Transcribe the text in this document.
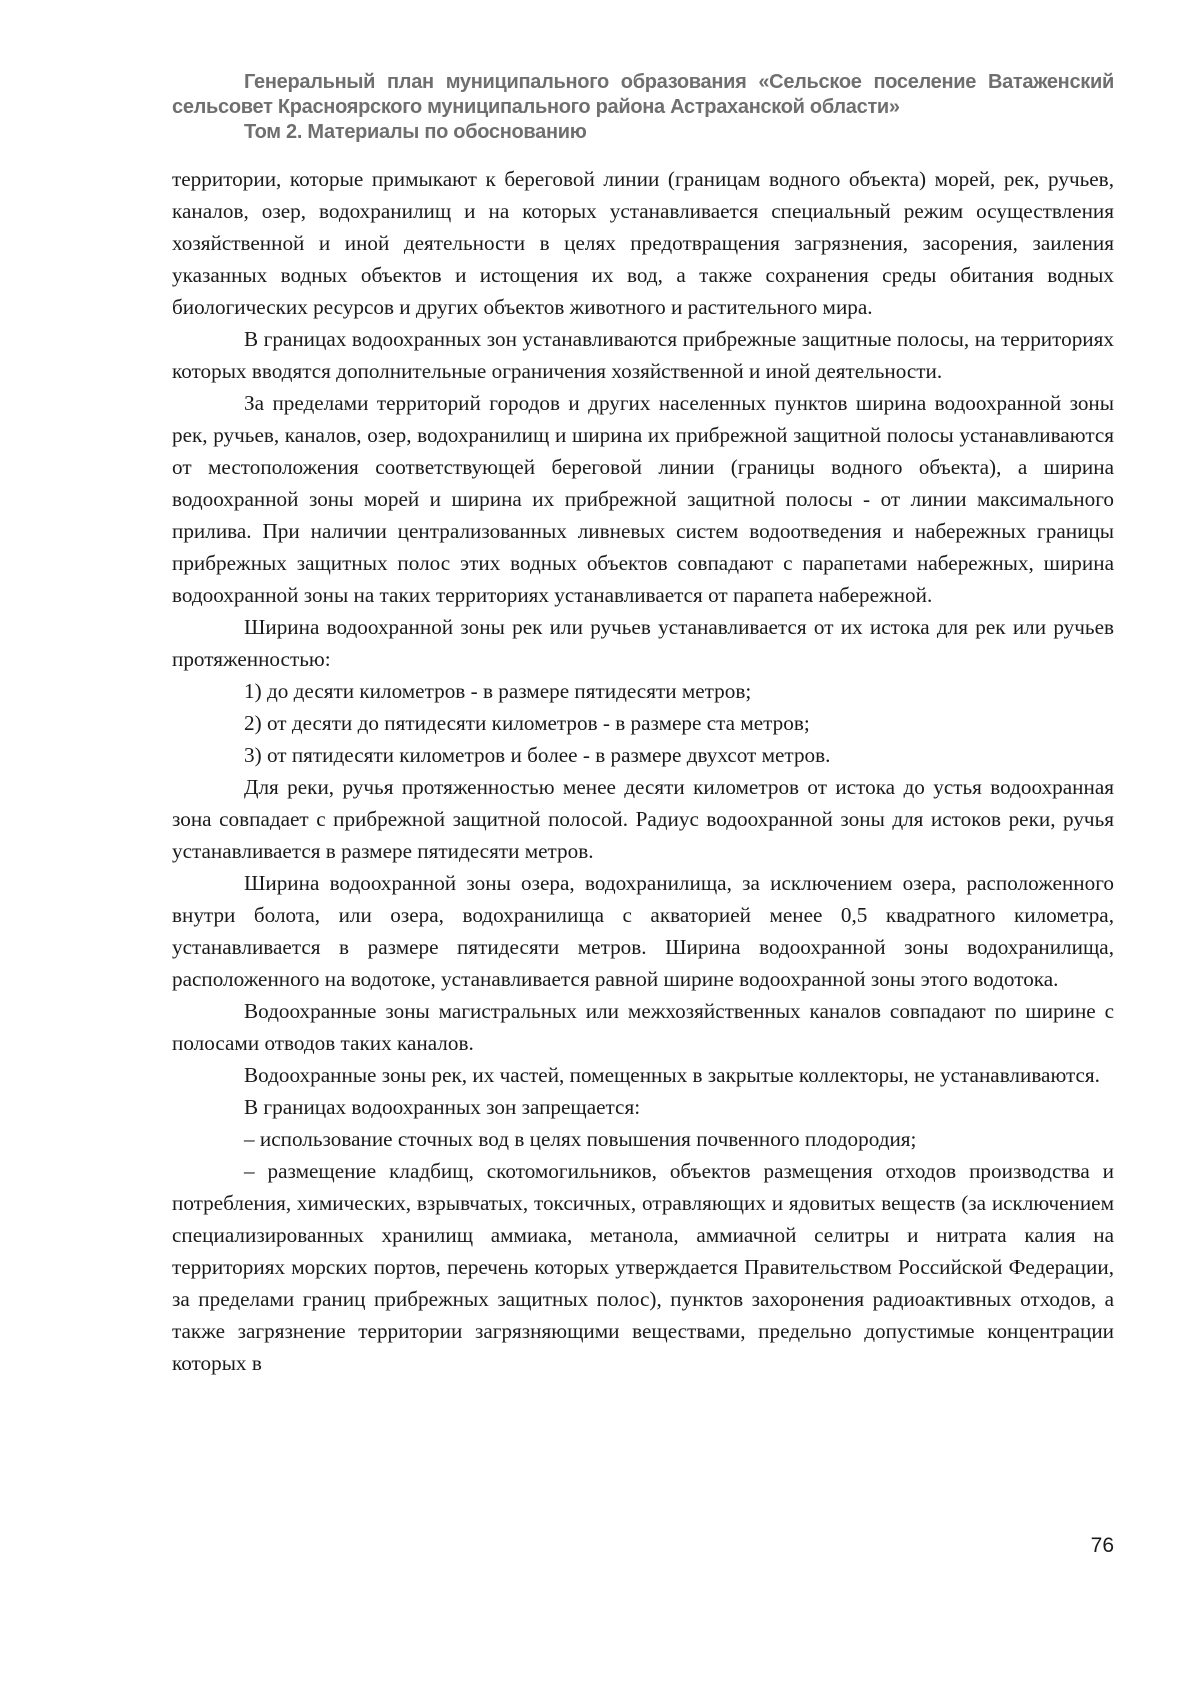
Генеральный план муниципального образования «Сельское поселение Ватаженский
сельсовет Красноярского муниципального района Астраханской области»
Том 2. Материалы по обоснованию

территории, которые примыкают к береговой линии (границам водного объекта) морей, рек, ручьев, каналов, озер, водохранилищ и на которых устанавливается специальный режим осуществления хозяйственной и иной деятельности в целях предотвращения загрязнения, засорения, заиления указанных водных объектов и истощения их вод, а также сохранения среды обитания водных биологических ресурсов и других объектов животного и растительного мира.

В границах водоохранных зон устанавливаются прибрежные защитные полосы, на территориях которых вводятся дополнительные ограничения хозяйственной и иной деятельности.

За пределами территорий городов и других населенных пунктов ширина водоохранной зоны рек, ручьев, каналов, озер, водохранилищ и ширина их прибрежной защитной полосы устанавливаются от местоположения соответствующей береговой линии (границы водного объекта), а ширина водоохранной зоны морей и ширина их прибрежной защитной полосы - от линии максимального прилива. При наличии централизованных ливневых систем водоотведения и набережных границы прибрежных защитных полос этих водных объектов совпадают с парапетами набережных, ширина водоохранной зоны на таких территориях устанавливается от парапета набережной.

Ширина водоохранной зоны рек или ручьев устанавливается от их истока для рек или ручьев протяженностью:

1) до десяти километров - в размере пятидесяти метров;

2) от десяти до пятидесяти километров - в размере ста метров;

3) от пятидесяти километров и более - в размере двухсот метров.

Для реки, ручья протяженностью менее десяти километров от истока до устья водоохранная зона совпадает с прибрежной защитной полосой. Радиус водоохранной зоны для истоков реки, ручья устанавливается в размере пятидесяти метров.

Ширина водоохранной зоны озера, водохранилища, за исключением озера, расположенного внутри болота, или озера, водохранилища с акваторией менее 0,5 квадратного километра, устанавливается в размере пятидесяти метров. Ширина водоохранной зоны водохранилища, расположенного на водотоке, устанавливается равной ширине водоохранной зоны этого водотока.

Водоохранные зоны магистральных или межхозяйственных каналов совпадают по ширине с полосами отводов таких каналов.

Водоохранные зоны рек, их частей, помещенных в закрытые коллекторы, не устанавливаются.

В границах водоохранных зон запрещается:

– использование сточных вод в целях повышения почвенного плодородия;

– размещение кладбищ, скотомогильников, объектов размещения отходов производства и потребления, химических, взрывчатых, токсичных, отравляющих и ядовитых веществ (за исключением специализированных хранилищ аммиака, метанола, аммиачной селитры и нитрата калия на территориях морских портов, перечень которых утверждается Правительством Российской Федерации, за пределами границ прибрежных защитных полос), пунктов захоронения радиоактивных отходов, а также загрязнение территории загрязняющими веществами, предельно допустимые концентрации которых в

76
